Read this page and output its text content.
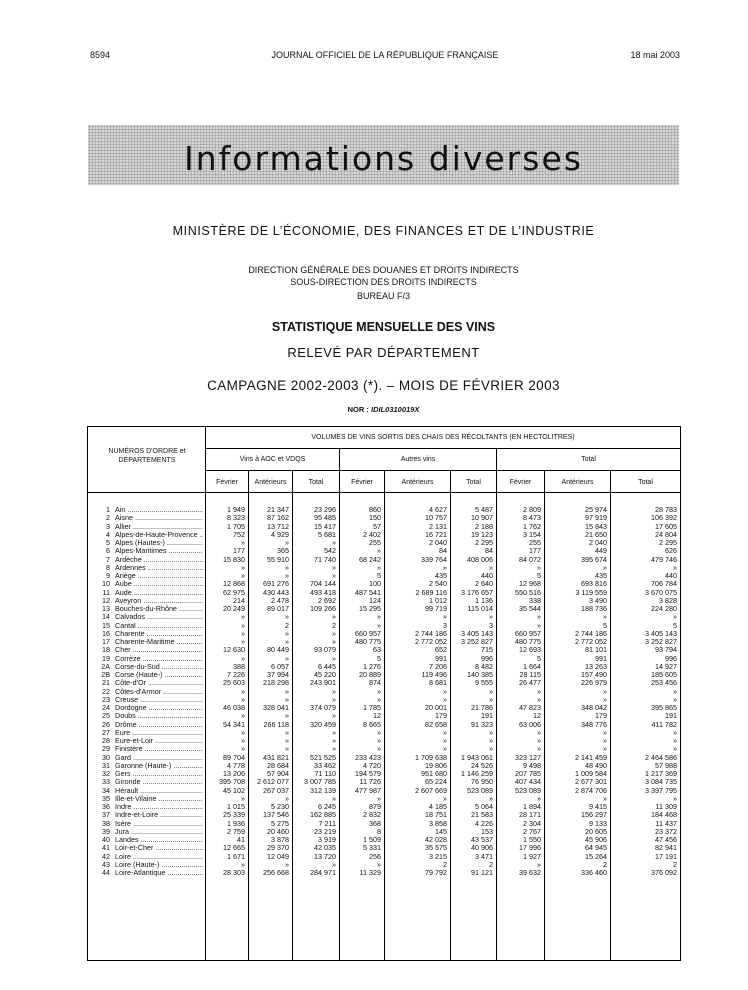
8594	JOURNAL OFFICIEL DE LA RÉPUBLIQUE FRANÇAISE	18 mai 2003
Informations diverses
MINISTÈRE DE L’ÉCONOMIE, DES FINANCES ET DE L’INDUSTRIE
DIRECTION GÉNÉRALE DES DOUANES ET DROITS INDIRECTS
SOUS-DIRECTION DES DROITS INDIRECTS
BUREAU F/3
STATISTIQUE MENSUELLE DES VINS
RELEVÉ PAR DÉPARTEMENT
CAMPAGNE 2002-2003 (*). – MOIS DE FÉVRIER 2003
NOR : IDIL0310019X
NUMÉROS D'ORDRE et DÉPARTEMENTS
VOLUMES DE VINS SORTIS DES CHAIS DES RÉCOLTANTS (EN HECTOLITRES)
Vins à AOC et VDQS	Autres vins	Total
Février	Antérieurs	Total	Février	Antérieurs	Total	Février	Antérieurs	Total
1 Ain .....	1 949	21 347	23 296	860	4 627	5 487	2 809	25 974	28 783
2 Aisne .....	8 323	87 162	95 485	150	10 757	10 907	8 473	97 919	106 392
3 Allier .....	1 705	13 712	15 417	57	2 131	2 188	1 762	15 843	17 605
4 Alpes-de-Haute-Provence .....	752	4 929	5 681	2 402	16 721	19 123	3 154	21 650	24 804
5 Alpes (Hautes-) .....	»	»	»	255	2 040	2 295	255	2 040	2 295
6 Alpes-Maritimes .....	177	365	542	»	84	84	177	449	626
7 Ardèche .....	15 830	55 910	71 740	68 242	339 764	408 006	84 072	395 674	479 746
8 Ardennes .....	»	»	»	»	»	»	»	»	»
9 Ariège .....	»	»	»	5	435	440	5	435	440
10 Aube .....	12 868	691 276	704 144	100	2 540	2 640	12 968	693 816	706 784
11 Aude .....	62 975	430 443	493 418	487 541	2 689 116	3 176 657	550 516	3 119 559	3 670 075
12 Aveyron .....	214	2 478	2 692	124	1 012	1 136	338	3 490	3 828
13 Bouches-du-Rhône .....	20 249	89 017	109 266	15 295	99 719	115 014	35 544	188 736	224 280
14 Calvados .....	»	»	»	»	»	»	»	»	»
15 Cantal .....	»	2	2	»	3	3	»	5	5
16 Charente .....	»	»	»	660 957	2 744 186	3 405 143	660 957	2 744 186	3 405 143
17 Charente-Maritime .....	»	»	»	480 775	2 772 052	3 252 827	480 775	2 772 052	3 252 827
18 Cher .....	12 630	80 449	93 079	63	652	715	12 693	81 101	93 794
19 Corrèze .....	»	»	»	5	991	996	5	991	996
2A Corse-du-Sud .....	388	6 057	6 445	1 276	7 206	8 482	1 664	13 263	14 927
2B Corse (Haute-) .....	7 226	37 994	45 220	20 889	119 496	140 385	28 115	157 490	185 605
21 Côte-d'Or .....	25 603	218 298	243 901	874	8 681	9 555	26 477	226 979	253 456
22 Côtes-d'Armor .....	»	»	»	»	»	»	»	»	»
23 Creuse .....	»	»	»	»	»	»	»	»	»
24 Dordogne .....	46 038	328 041	374 079	1 785	20 001	21 786	47 823	348 042	395 865
25 Doubs .....	»	»	»	12	179	191	12	179	191
26 Drôme .....	54 341	266 118	320 459	8 665	82 658	91 323	63 006	348 776	411 782
27 Eure .....	»	»	»	»	»	»	»	»	»
28 Eure-et-Loir .....	»	»	»	»	»	»	»	»	»
29 Finistère .....	»	»	»	»	»	»	»	»	»
30 Gard .....	89 704	431 821	521 525	233 423	1 709 638	1 943 061	323 127	2 141 459	2 464 586
31 Garonne (Haute-) .....	4 778	28 684	33 462	4 720	19 806	24 526	9 498	48 490	57 988
32 Gers .....	13 206	57 904	71 110	194 579	951 680	1 146 259	207 785	1 009 584	1 217 369
33 Gironde .....	395 708	2 612 077	3 007 785	11 726	65 224	76 950	407 434	2 677 301	3 084 735
34 Hérault .....	45 102	267 037	312 139	477 987	2 607 669	523 089	523 089	2 874 706	3 397 795
35 Ille-et-Vilaine .....	»	»	»	»	»	»	»	»	»
36 Indre .....	1 015	5 230	6 245	879	4 185	5 064	1 894	9 415	11 309
37 Indre-et-Loire .....	25 339	137 546	162 885	2 832	18 751	21 583	28 171	156 297	184 468
38 Isère .....	1 936	5 275	7 211	368	3 858	4 226	2 304	9 133	11 437
39 Jura .....	2 759	20 460	23 219	8	145	153	2 767	20 605	23 372
40 Landes .....	41	3 878	3 919	1 509	42 028	43 537	1 550	45 906	47 456
41 Loir-et-Cher .....	12 665	29 370	42 035	5 331	35 575	40 906	17 996	64 945	82 941
42 Loire .....	1 671	12 049	13 720	256	3 215	3 471	1 927	15 264	17 191
43 Loire (Haute-) .....	»	»	»	»	2	2	»	2	2
44 Loire-Atlantique .....	28 303	256 668	284 971	11 329	79 792	91 121	39 632	336 460	376 092
